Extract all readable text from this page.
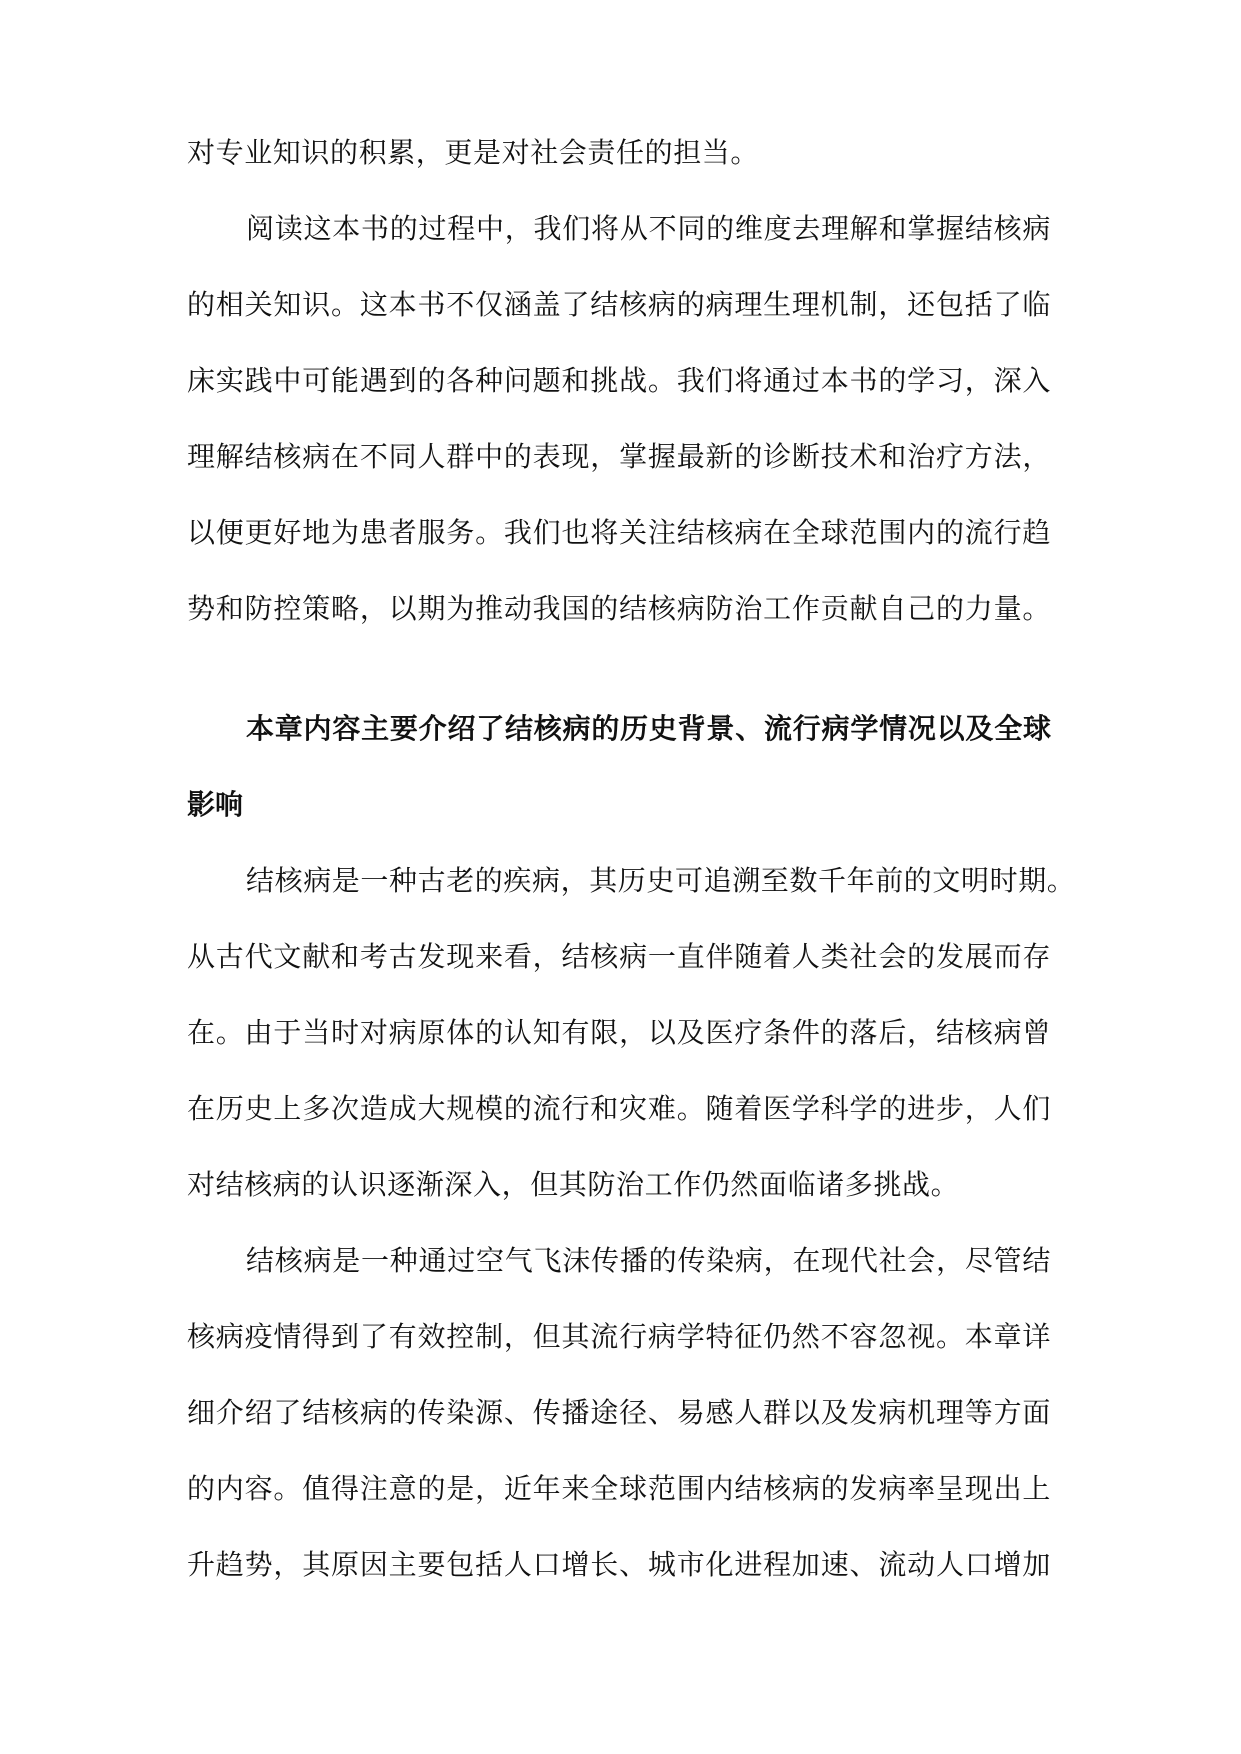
对专业知识的积累，更是对社会责任的担当。
阅读这本书的过程中，我们将从不同的维度去理解和掌握结核病
的相关知识。这本书不仅涵盖了结核病的病理生理机制，还包括了临
床实践中可能遇到的各种问题和挑战。我们将通过本书的学习，深入
理解结核病在不同人群中的表现，掌握最新的诊断技术和治疗方法，
以便更好地为患者服务。我们也将关注结核病在全球范围内的流行趋
势和防控策略，以期为推动我国的结核病防治工作贡献自己的力量。
本章内容主要介绍了结核病的历史背景、流行病学情况以及全球
影响
结核病是一种古老的疾病，其历史可追溯至数千年前的文明时期。
从古代文献和考古发现来看，结核病一直伴随着人类社会的发展而存
在。由于当时对病原体的认知有限，以及医疗条件的落后，结核病曾
在历史上多次造成大规模的流行和灾难。随着医学科学的进步，人们
对结核病的认识逐渐深入，但其防治工作仍然面临诸多挑战。
结核病是一种通过空气飞沫传播的传染病，在现代社会，尽管结
核病疫情得到了有效控制，但其流行病学特征仍然不容忽视。本章详
细介绍了结核病的传染源、传播途径、易感人群以及发病机理等方面
的内容。值得注意的是，近年来全球范围内结核病的发病率呈现出上
升趋势，其原因主要包括人口增长、城市化进程加速、流动人口增加
